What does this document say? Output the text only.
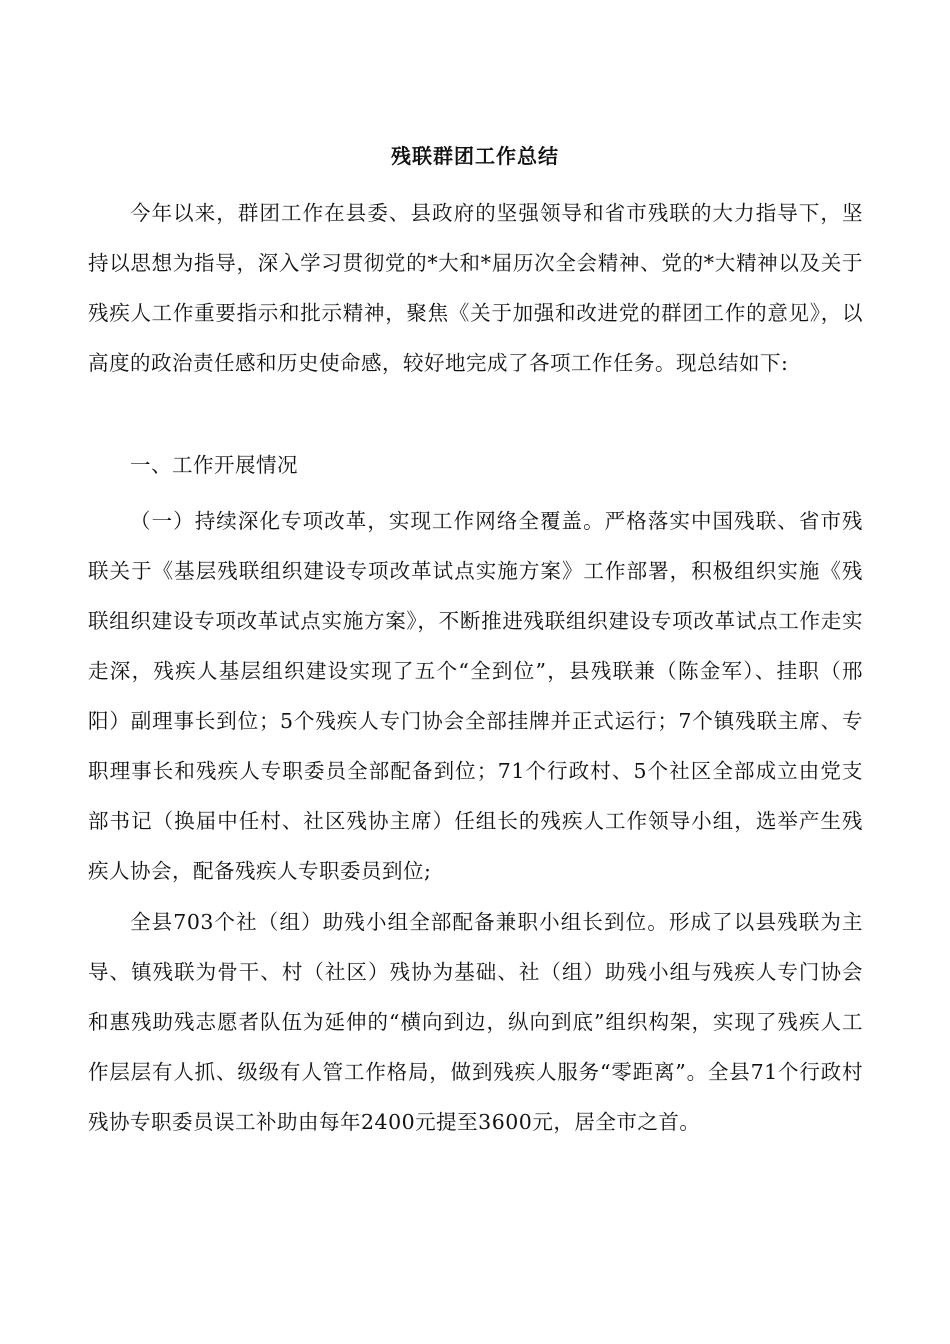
残联群团工作总结

今年以来，群团工作在县委、县政府的坚强领导和省市残联的大力指导下，坚持以思想为指导，深入学习贯彻党的*大和*届历次全会精神、党的*大精神以及关于残疾人工作重要指示和批示精神，聚焦《关于加强和改进党的群团工作的意见》，以高度的政治责任感和历史使命感，较好地完成了各项工作任务。现总结如下:

一、工作开展情况

（一）持续深化专项改革，实现工作网络全覆盖。严格落实中国残联、省市残联关于《基层残联组织建设专项改革试点实施方案》工作部署，积极组织实施《残联组织建设专项改革试点实施方案》，不断推进残联组织建设专项改革试点工作走实走深，残疾人基层组织建设实现了五个“全到位”，县残联兼（陈金军）、挂职（邢阳）副理事长到位；5个残疾人专门协会全部挂牌并正式运行；7个镇残联主席、专职理事长和残疾人专职委员全部配备到位；71个行政村、5个社区全部成立由党支部书记（换届中任村、社区残协主席）任组长的残疾人工作领导小组，选举产生残疾人协会，配备残疾人专职委员到位;

全县703个社（组）助残小组全部配备兼职小组长到位。形成了以县残联为主导、镇残联为骨干、村（社区）残协为基础、社（组）助残小组与残疾人专门协会和惠残助残志愿者队伍为延伸的“横向到边，纵向到底”组织构架，实现了残疾人工作层层有人抓、级级有人管工作格局，做到残疾人服务“零距离”。全县71个行政村残协专职委员误工补助由每年2400元提至3600元，居全市之首。
